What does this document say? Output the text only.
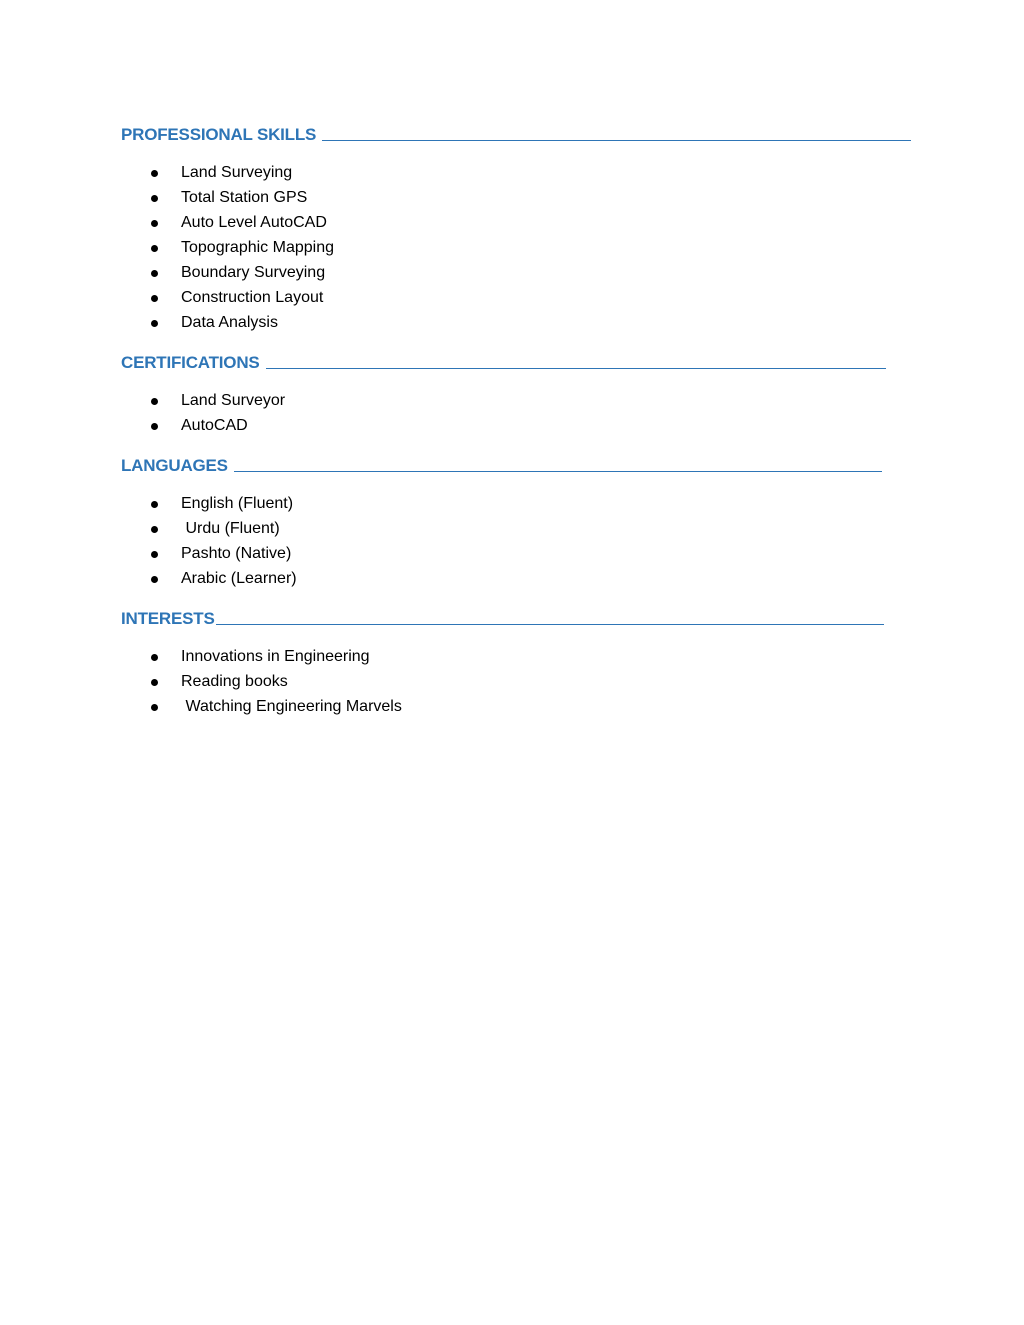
PROFESSIONAL SKILLS
Land Surveying
Total Station GPS
Auto Level AutoCAD
Topographic Mapping
Boundary Surveying
Construction Layout
Data Analysis
CERTIFICATIONS
Land Surveyor
AutoCAD
LANGUAGES
English (Fluent)
Urdu (Fluent)
Pashto (Native)
Arabic (Learner)
INTERESTS
Innovations in Engineering
Reading books
Watching Engineering Marvels
